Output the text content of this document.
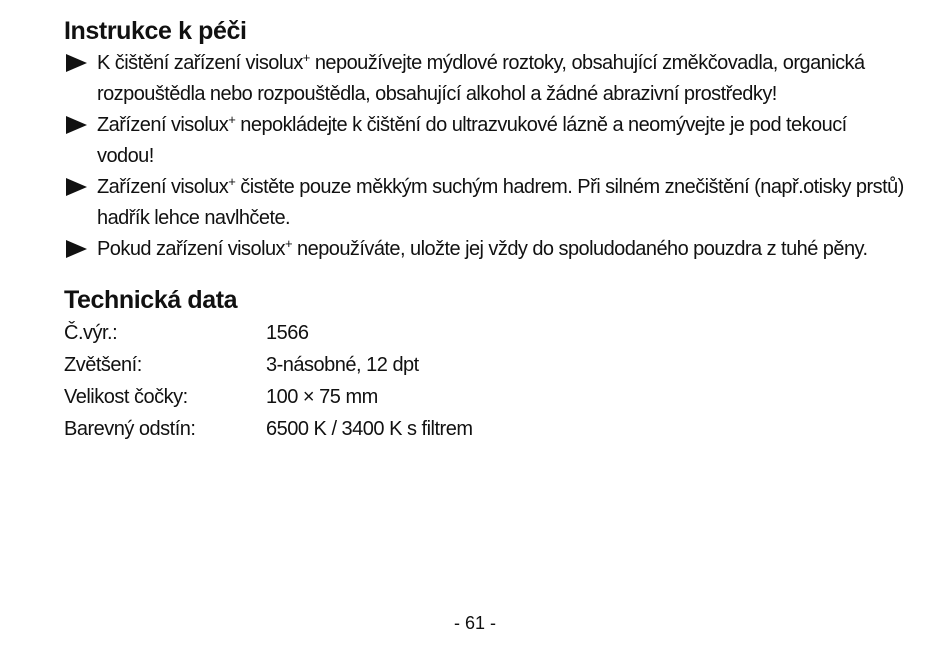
Instrukce k péči
K čištění zařízení visolux+ nepoužívejte mýdlové roztoky, obsahující změkčovadla, organická rozpouštědla nebo rozpouštědla, obsahující alkohol a žádné abrazivní prostředky!
Zařízení visolux+ nepokládejte k čištění do ultrazvukové lázně a neomývejte je pod tekoucí vodou!
Zařízení visolux+ čistěte pouze měkkým suchým hadrem. Při silném znečištění (např.otisky prstů) hadřík lehce navlhčete.
Pokud zařízení visolux+ nepoužíváte, uložte jej vždy do spoludodaného pouzdra z tuhé pěny.
Technická data
Č.výr.:	1566
Zvětšení:	3-násobné, 12 dpt
Velikost čočky:	100 × 75 mm
Barevný odstín:	6500 K / 3400 K s filtrem
- 61 -
